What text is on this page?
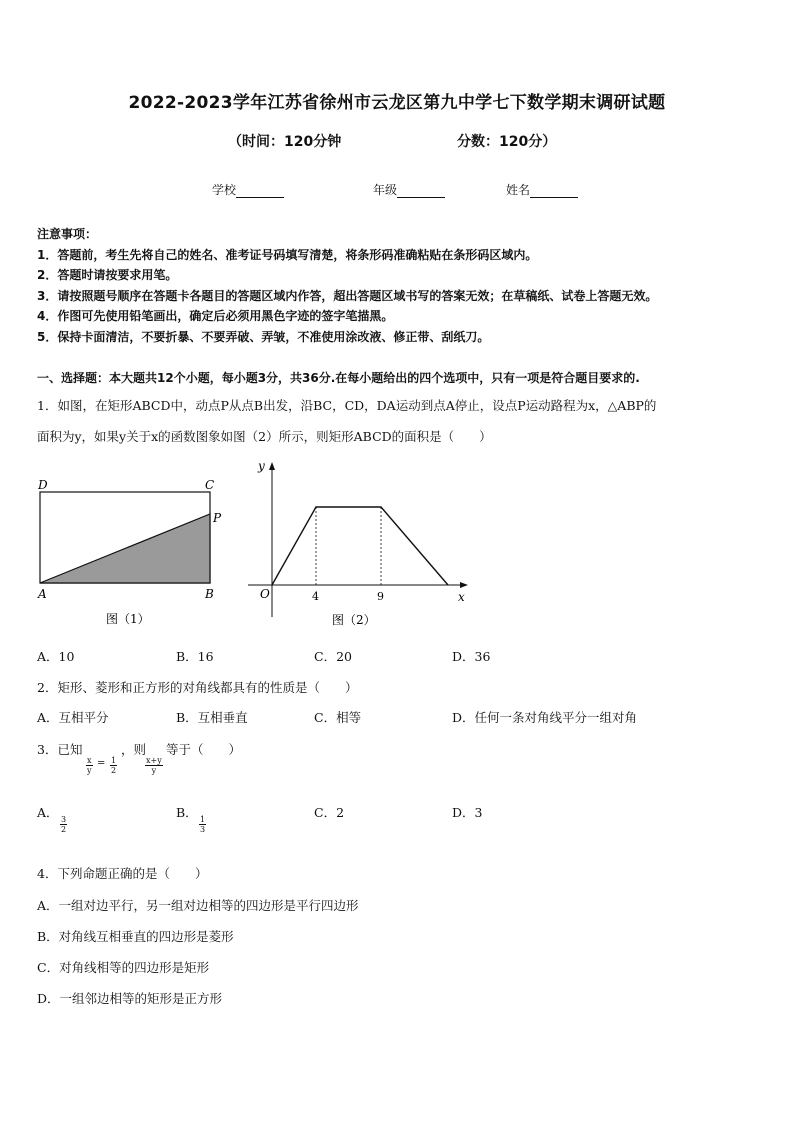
2022-2023学年江苏省徐州市云龙区第九中学七下数学期末调研试题
（时间：120分钟	分数：120分）
学校	年级	姓名
注意事项：
1．答题前，考生先将自己的姓名、准考证号码填写清楚，将条形码准确粘贴在条形码区域内。
2．答题时请按要求用笔。
3．请按照题号顺序在答题卡各题目的答题区域内作答，超出答题区域书写的答案无效；在草稿纸、试卷上答题无效。
4．作图可先使用铅笔画出，确定后必须用黑色字迹的签字笔描黑。
5．保持卡面清洁，不要折暴、不要弄破、弄皱，不准使用涂改液、修正带、刮纸刀。
一、选择题：本大题共12个小题，每小题3分，共36分.在每小题给出的四个选项中，只有一项是符合题目要求的.
1．如图，在矩形ABCD中，动点P从点B出发，沿BC，CD，DA运动到点A停止，设点P运动路程为x，△ABP的
面积为y，如果y关于x的函数图象如图（2）所示，则矩形ABCD的面积是（　　）
D	C
P
A	B
图（1）
y
x
O	4	9
图（2）
A．10	B．16	C．20	D．36
2．矩形、菱形和正方形的对角线都具有的性质是（　　）
A．互相平分	B．互相垂直	C．相等	D．任何一条对角线平分一组对角
3．已知
$\frac{x}{y} = \frac{1}{2}$
，则
$\frac{x+y}{y}$
等于（　　）
A．
$\frac{3}{2}$
B．
$\frac{1}{3}$
C．2	D．3
4．下列命题正确的是（　　）
A．一组对边平行，另一组对边相等的四边形是平行四边形
B．对角线互相垂直的四边形是菱形
C．对角线相等的四边形是矩形
D．一组邻边相等的矩形是正方形
